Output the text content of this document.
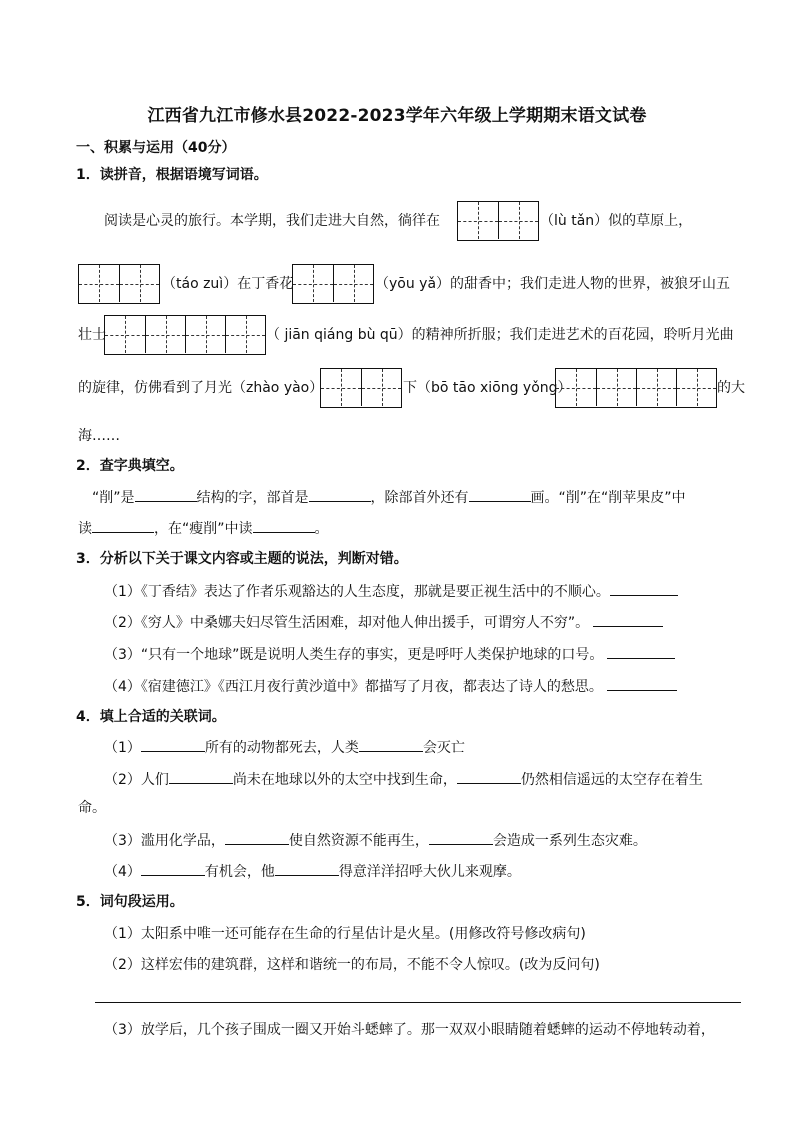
江西省九江市修水县2022-2023学年六年级上学期期末语文试卷
一、积累与运用（40分）
1．读拼音，根据语境写词语。
阅读是心灵的旅行。本学期，我们走进大自然，徜徉在	（lù tǎn）似的草原上，
（táo zuì）在丁香花	（yōu yǎ）的甜香中；我们走进人物的世界，被狼牙山五
壮士	（ jiān qiáng bù qū）的精神所折服；我们走进艺术的百花园，聆听月光曲
的旋律，仿佛看到了月光（zhào yào）	下（bō tāo xiōng yǒng）	的大
海……
2．查字典填空。
“削”是	结构的字，部首是	，除部首外还有	画。“削”在“削苹果皮”中
读	，在“瘦削”中读	。
3．分析以下关于课文内容或主题的说法，判断对错。
（1）《丁香结》表达了作者乐观豁达的人生态度，那就是要正视生活中的不顺心。
（2）《穷人》中桑娜夫妇尽管生活困难，却对他人伸出援手，可谓穷人不穷”。
（3）“只有一个地球”既是说明人类生存的事实，更是呼吁人类保护地球的口号。
（4）《宿建德江》《西江月夜行黄沙道中》都描写了月夜，都表达了诗人的愁思。
4．填上合适的关联词。
（1）	所有的动物都死去，人类	会灭亡
（2）人们	尚未在地球以外的太空中找到生命，	仍然相信遥远的太空存在着生
命。
（3）滥用化学品，	使自然资源不能再生，	会造成一系列生态灾难。
（4）	有机会，他	得意洋洋招呼大伙儿来观摩。
5．词句段运用。
（1）太阳系中唯一还可能存在生命的行星估计是火星。(用修改符号修改病句)
（2）这样宏伟的建筑群，这样和谐统一的布局，不能不令人惊叹。(改为反问句)
（3）放学后，几个孩子围成一圈又开始斗蟋蟀了。那一双双小眼睛随着蟋蟀的运动不停地转动着，
